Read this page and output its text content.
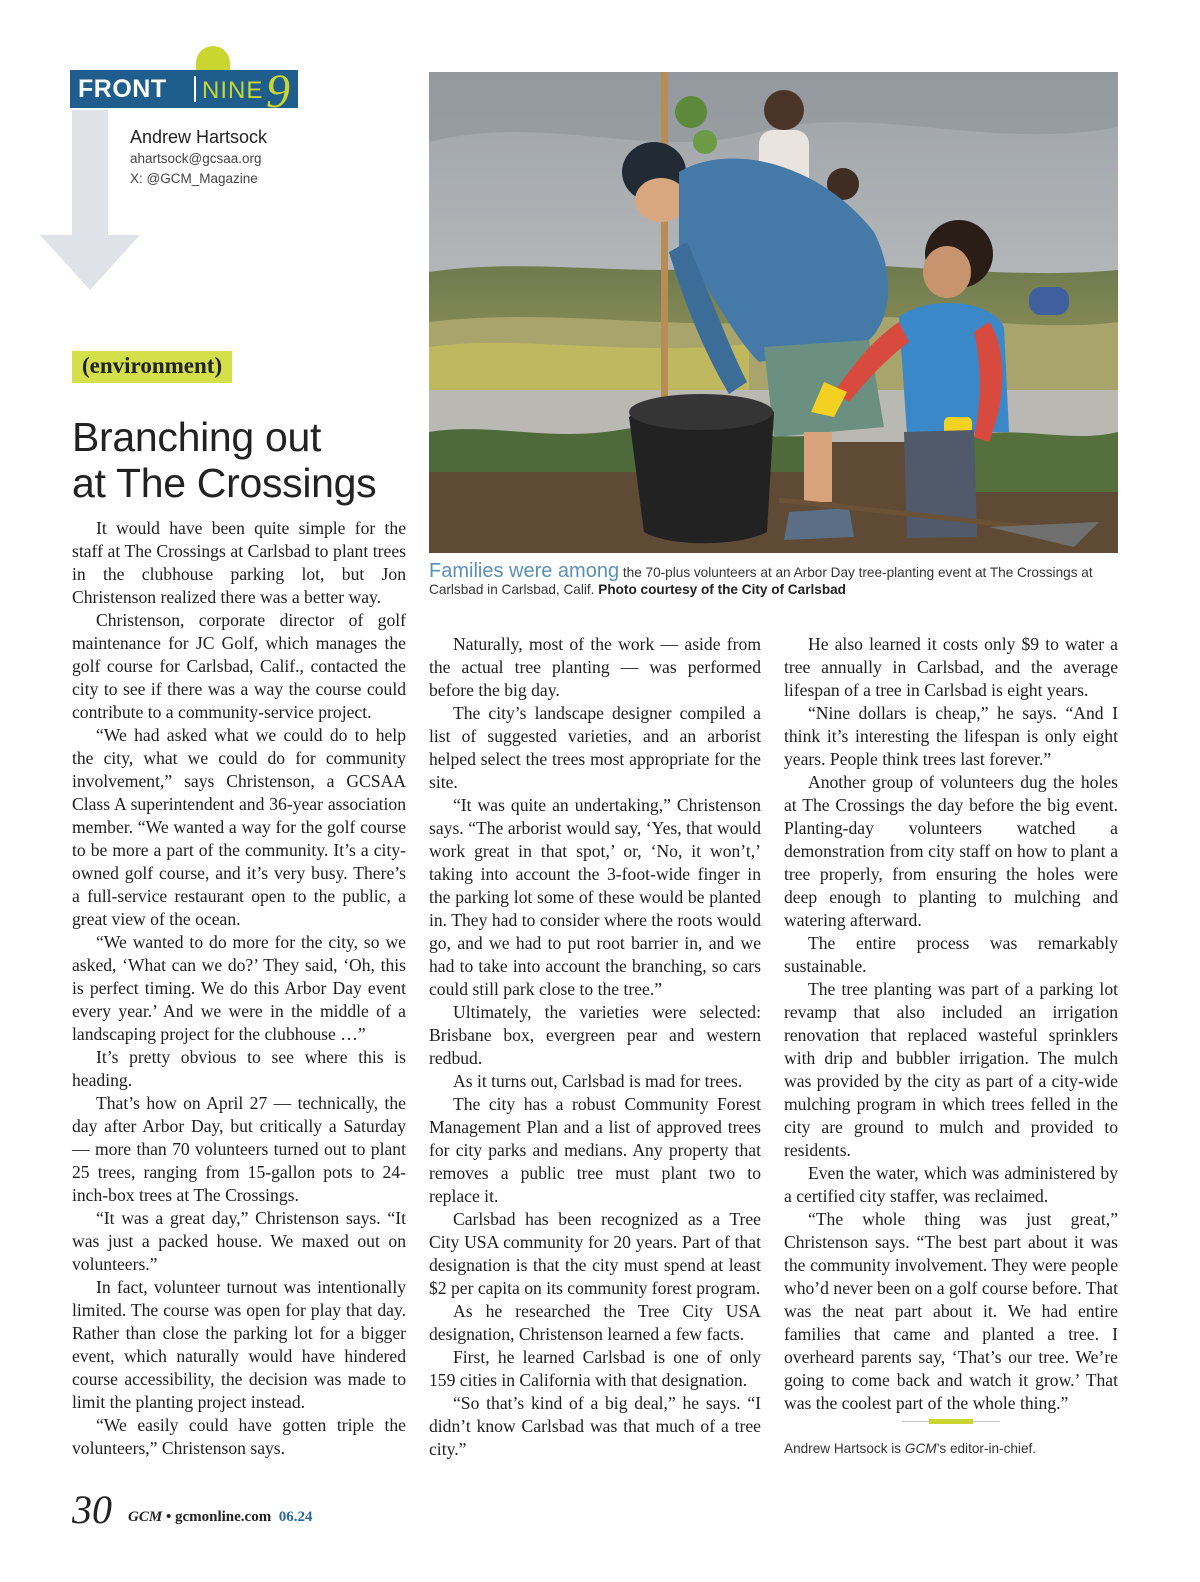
FRONT NINE 9
Andrew Hartsock
ahartsock@gcsaa.org
X: @GCM_Magazine
(environment)
Branching out
at The Crossings
Families were among the 70-plus volunteers at an Arbor Day tree-planting event at The Crossings at Carlsbad in Carlsbad, Calif. Photo courtesy of the City of Carlsbad

It would have been quite simple for the staff at The Crossings at Carlsbad to plant trees in the clubhouse parking lot, but Jon Christenson realized there was a better way.

Christenson, corporate director of golf maintenance for JC Golf, which manages the golf course for Carlsbad, Calif., contacted the city to see if there was a way the course could contribute to a community-service project.

“We had asked what we could do to help the city, what we could do for community involvement,” says Christenson, a GCSAA Class A superintendent and 36-year association member. “We wanted a way for the golf course to be more a part of the community. It’s a city-owned golf course, and it’s very busy. There’s a full-service restaurant open to the public, a great view of the ocean.

“We wanted to do more for the city, so we asked, ‘What can we do?’ They said, ‘Oh, this is perfect timing. We do this Arbor Day event every year.’ And we were in the middle of a landscaping project for the clubhouse …”

It’s pretty obvious to see where this is heading.

That’s how on April 27 — technically, the day after Arbor Day, but critically a Saturday — more than 70 volunteers turned out to plant 25 trees, ranging from 15-gallon pots to 24-inch-box trees at The Crossings.

“It was a great day,” Christenson says. “It was just a packed house. We maxed out on volunteers.”

In fact, volunteer turnout was intentionally limited. The course was open for play that day. Rather than close the parking lot for a bigger event, which naturally would have hindered course accessibility, the decision was made to limit the planting project instead.

“We easily could have gotten triple the volunteers,” Christenson says.

Naturally, most of the work — aside from the actual tree planting — was performed before the big day.

The city’s landscape designer compiled a list of suggested varieties, and an arborist helped select the trees most appropriate for the site.

“It was quite an undertaking,” Christenson says. “The arborist would say, ‘Yes, that would work great in that spot,’ or, ‘No, it won’t,’ taking into account the 3-foot-wide finger in the parking lot some of these would be planted in. They had to consider where the roots would go, and we had to put root barrier in, and we had to take into account the branching, so cars could still park close to the tree.”

Ultimately, the varieties were selected: Brisbane box, evergreen pear and western redbud.

As it turns out, Carlsbad is mad for trees.

The city has a robust Community Forest Management Plan and a list of approved trees for city parks and medians. Any property that removes a public tree must plant two to replace it.

Carlsbad has been recognized as a Tree City USA community for 20 years. Part of that designation is that the city must spend at least $2 per capita on its community forest program.

As he researched the Tree City USA designation, Christenson learned a few facts.

First, he learned Carlsbad is one of only 159 cities in California with that designation.

“So that’s kind of a big deal,” he says. “I didn’t know Carlsbad was that much of a tree city.”

He also learned it costs only $9 to water a tree annually in Carlsbad, and the average lifespan of a tree in Carlsbad is eight years.

“Nine dollars is cheap,” he says. “And I think it’s interesting the lifespan is only eight years. People think trees last forever.”

Another group of volunteers dug the holes at The Crossings the day before the big event. Planting-day volunteers watched a demonstration from city staff on how to plant a tree properly, from ensuring the holes were deep enough to planting to mulching and watering afterward.

The entire process was remarkably sustainable.

The tree planting was part of a parking lot revamp that also included an irrigation renovation that replaced wasteful sprinklers with drip and bubbler irrigation. The mulch was provided by the city as part of a city-wide mulching program in which trees felled in the city are ground to mulch and provided to residents.

Even the water, which was administered by a certified city staffer, was reclaimed.

“The whole thing was just great,” Christenson says. “The best part about it was the community involvement. They were people who’d never been on a golf course before. That was the neat part about it. We had entire families that came and planted a tree. I overheard parents say, ‘That’s our tree. We’re going to come back and watch it grow.’ That was the coolest part of the whole thing.”

Andrew Hartsock is GCM’s editor-in-chief.
30 GCM • gcmonline.com 06.24
